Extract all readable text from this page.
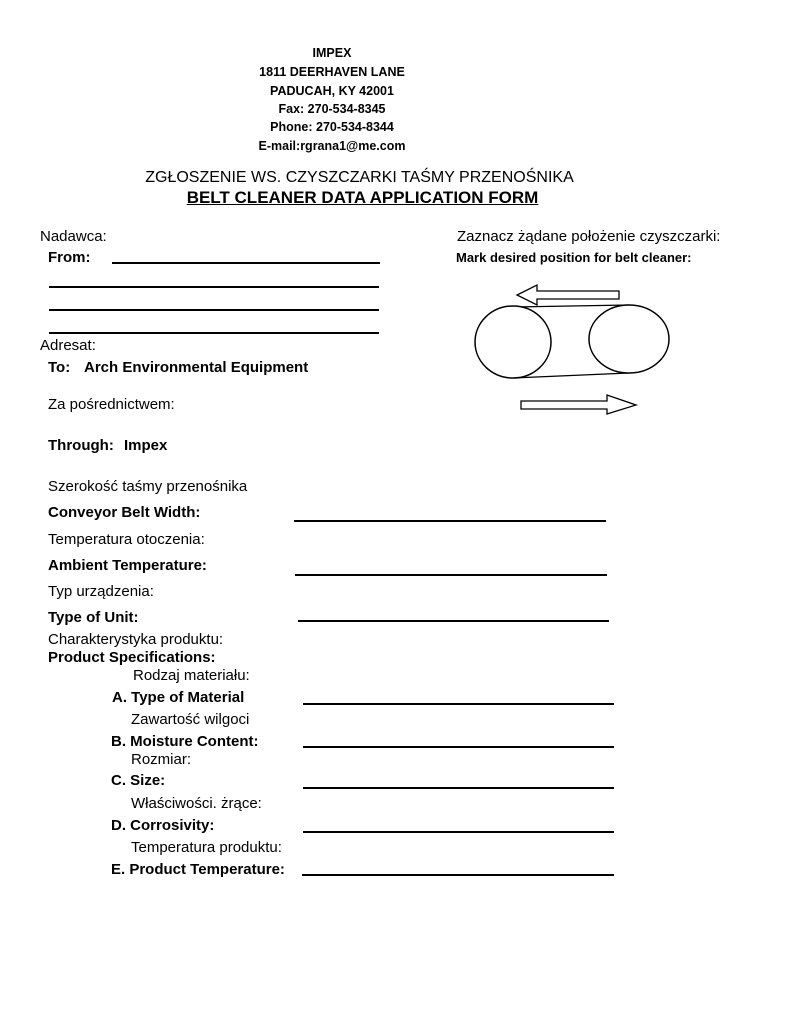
IMPEX
1811 DEERHAVEN LANE
PADUCAH, KY 42001
Fax: 270-534-8345
Phone: 270-534-8344
E-mail:rgrana1@me.com
ZGŁOSZENIE WS. CZYSZCZARKI TAŚMY PRZENOŚNIKA
BELT CLEANER DATA APPLICATION FORM
Nadawca:
From:
Zaznacz żądane położenie czyszczarki:
Mark desired position for belt cleaner:
Adresat:
To: Arch Environmental Equipment
Za pośrednictwem:
Through: Impex
Szerokość taśmy przenośnika
Conveyor Belt Width:
Temperatura otoczenia:
Ambient Temperature:
Typ urządzenia:
Type of Unit:
Charakterystyka produktu:
Product Specifications:
Rodzaj materiału:
A. Type of Material
Zawartość wilgoci
B. Moisture Content:
Rozmiar:
C. Size:
Właściwości. żrące:
D. Corrosivity:
Temperatura produktu:
E. Product Temperature:
